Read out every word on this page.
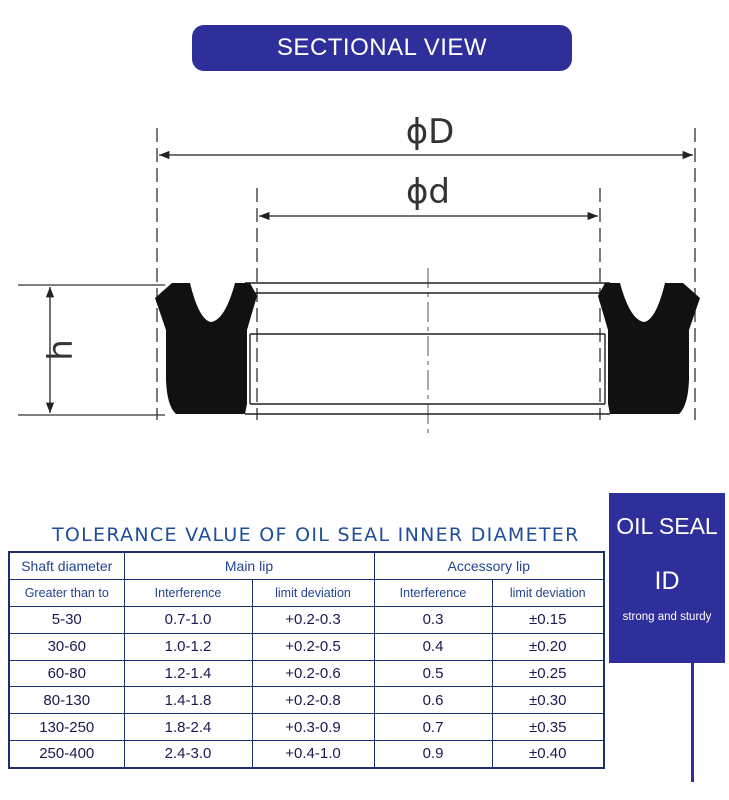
SECTIONAL VIEW
ϕD
ϕd
h
TOLERANCE VALUE OF OIL SEAL INNER DIAMETER
Shaft diameter	Main lip		Accessory lip	
Greater than to	Interference	limit deviation	Interference	limit deviation
5-30	0.7-1.0	+0.2-0.3	0.3	±0.15
30-60	1.0-1.2	+0.2-0.5	0.4	±0.20
60-80	1.2-1.4	+0.2-0.6	0.5	±0.25
80-130	1.4-1.8	+0.2-0.8	0.6	±0.30
130-250	1.8-2.4	+0.3-0.9	0.7	±0.35
250-400	2.4-3.0	+0.4-1.0	0.9	±0.40
OIL SEAL
ID
strong and sturdy
